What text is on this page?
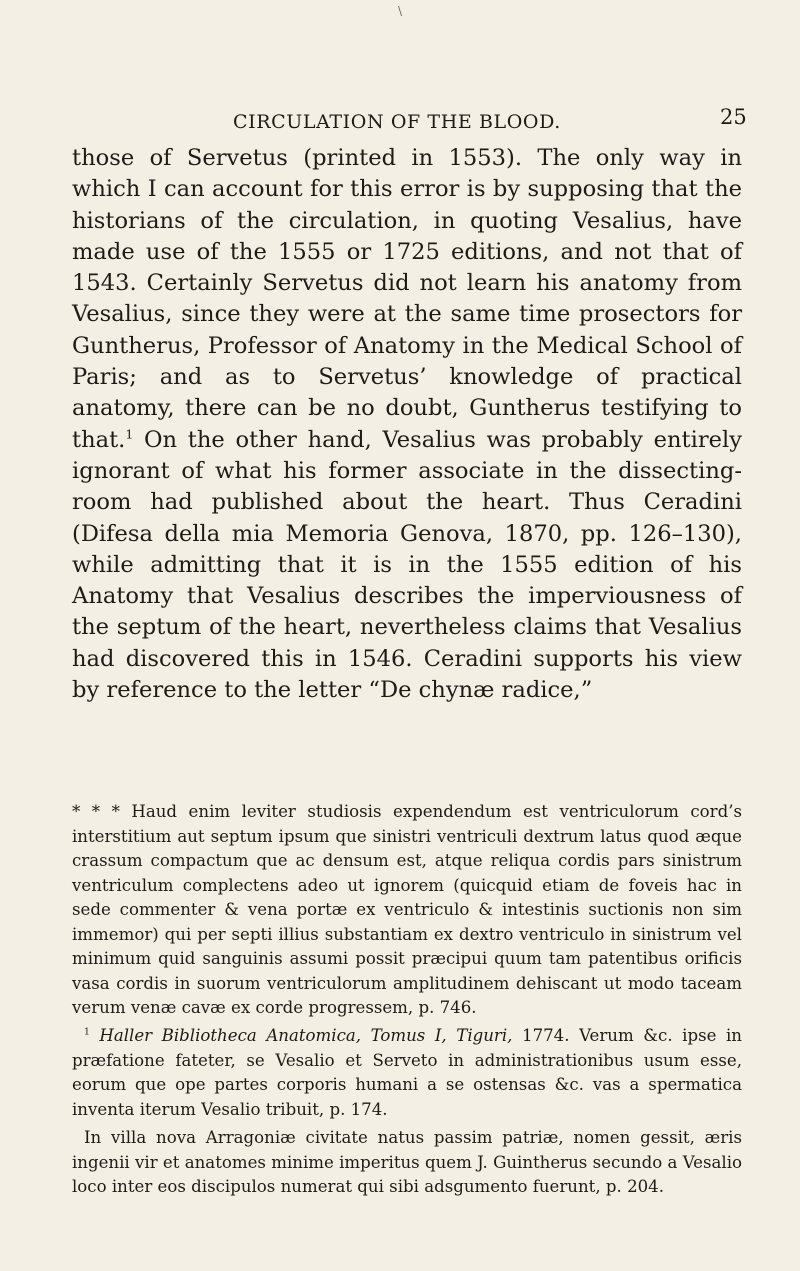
\
CIRCULATION OF THE BLOOD.	25

those of Servetus (printed in 1553). The only way in which I can account for this error is by supposing that the historians of the circulation, in quoting Vesalius, have made use of the 1555 or 1725 editions, and not that of 1543. Certainly Servetus did not learn his anatomy from Vesalius, since they were at the same time prosectors for Guntherus, Professor of Anatomy in the Medical School of Paris; and as to Servetus’ knowledge of practical anatomy, there can be no doubt, Guntherus testifying to that.$^1$ On the other hand, Vesalius was probably entirely ignorant of what his former associate in the dissecting-room had published about the heart. Thus Ceradini (Difesa della mia Memoria Genova, 1870, pp. 126–130), while admitting that it is in the 1555 edition of his Anatomy that Vesalius describes the imperviousness of the septum of the heart, nevertheless claims that Vesalius had discovered this in 1546. Ceradini supports his view by reference to the letter “De chynæ radice,”

* * * Haud enim leviter studiosis expendendum est ventriculorum cord’s interstitium aut septum ipsum que sinistri ventriculi dextrum latus quod æque crassum compactum que ac densum est, atque reliqua cordis pars sinistrum ventriculum complectens adeo ut ignorem (quicquid etiam de foveis hac in sede commenter & vena portæ ex ventriculo & intestinis suctionis non sim immemor) qui per septi illius substantiam ex dextro ventriculo in sinistrum vel minimum quid sanguinis assumi possit præcipui quum tam patentibus orificis vasa cordis in suorum ventriculorum amplitudinem dehiscant ut modo taceam verum venæ cavæ ex corde progressem, p. 746.

$^1$ Haller Bibliotheca Anatomica, Tomus I, Tiguri, 1774. Verum &c. ipse in præfatione fateter, se Vesalio et Serveto in administrationibus usum esse, eorum que ope partes corporis humani a se ostensas &c. vas a spermatica inventa iterum Vesalio tribuit, p. 174.

In villa nova Arragoniæ civitate natus passim patriæ, nomen gessit, æris ingenii vir et anatomes minime imperitus quem J. Guintherus secundo a Vesalio loco inter eos discipulos numerat qui sibi adsgumento fuerunt, p. 204.
